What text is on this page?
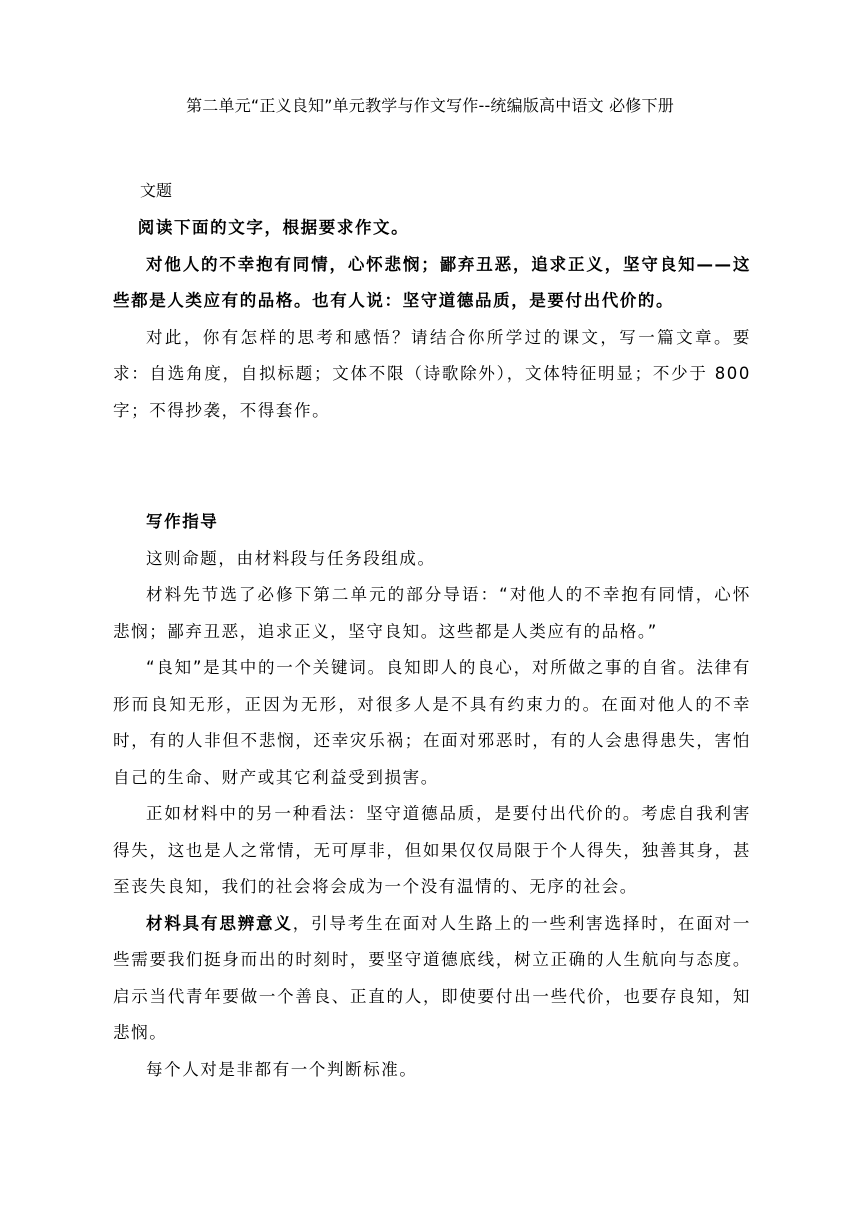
第二单元“正义良知”单元教学与作文写作--统编版高中语文 必修下册
文题

阅读下面的文字，根据要求作文。

对他人的不幸抱有同情，心怀悲悯；鄙弃丑恶，追求正义，坚守良知——这些都是人类应有的品格。也有人说：坚守道德品质，是要付出代价的。

对此，你有怎样的思考和感悟？请结合你所学过的课文，写一篇文章。要求：自选角度，自拟标题；文体不限（诗歌除外），文体特征明显；不少于 800 字；不得抄袭，不得套作。

写作指导

这则命题，由材料段与任务段组成。

材料先节选了必修下第二单元的部分导语：“对他人的不幸抱有同情，心怀悲悯；鄙弃丑恶，追求正义，坚守良知。这些都是人类应有的品格。”

“良知”是其中的一个关键词。良知即人的良心，对所做之事的自省。法律有形而良知无形，正因为无形，对很多人是不具有约束力的。在面对他人的不幸时，有的人非但不悲悯，还幸灾乐祸；在面对邪恶时，有的人会患得患失，害怕自己的生命、财产或其它利益受到损害。

正如材料中的另一种看法：坚守道德品质，是要付出代价的。考虑自我利害得失，这也是人之常情，无可厚非，但如果仅仅局限于个人得失，独善其身，甚至丧失良知，我们的社会将会成为一个没有温情的、无序的社会。

材料具有思辨意义，引导考生在面对人生路上的一些利害选择时，在面对一些需要我们挺身而出的时刻时，要坚守道德底线，树立正确的人生航向与态度。启示当代青年要做一个善良、正直的人，即使要付出一些代价，也要存良知，知悲悯。

每个人对是非都有一个判断标准。
